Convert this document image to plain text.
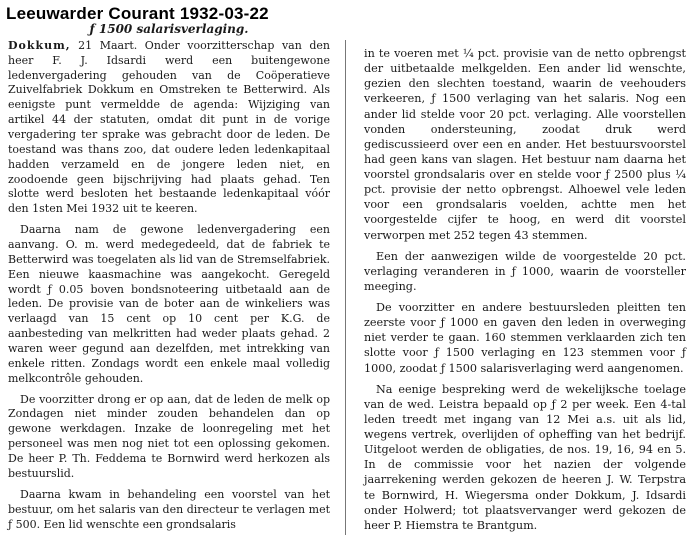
Leeuwarder Courant 1932-03-22

ƒ 1500 salarisverlaging.

Dokkum, 21 Maart. Onder voorzitterschap van den heer F. J. Idsardi werd een buitengewone ledenvergadering gehouden van de Coöperatieve Zuivelfabriek Dokkum en Omstreken te Betterwird. Als eenigste punt vermeldde de agenda: Wijziging van artikel 44 der statuten, omdat dit punt in de vorige vergadering ter sprake was gebracht door de leden. De toestand was thans zoo, dat oudere leden ledenkapitaal hadden verzameld en de jongere leden niet, en zoodoende geen bijschrijving had plaats gehad. Ten slotte werd besloten het bestaande ledenkapitaal vóór den 1sten Mei 1932 uit te keeren.

Daarna nam de gewone ledenvergadering een aanvang. O. m. werd medegedeeld, dat de fabriek te Betterwird was toegelaten als lid van de Stremselfabriek. Een nieuwe kaasmachine was aangekocht. Geregeld wordt ƒ 0.05 boven bondsnoteering uitbetaald aan de leden. De provisie van de boter aan de winkeliers was verlaagd van 15 cent op 10 cent per K.G. de aanbesteding van melkritten had weder plaats gehad. 2 waren weer gegund aan dezelfden, met intrekking van enkele ritten. Zondags wordt een enkele maal volledig melkcontrôle gehouden.

De voorzitter drong er op aan, dat de leden de melk op Zondagen niet minder zouden behandelen dan op gewone werkdagen. Inzake de loonregeling met het personeel was men nog niet tot een oplossing gekomen. De heer P. Th. Feddema te Bornwird werd herkozen als bestuurslid.

Daarna kwam in behandeling een voorstel van het bestuur, om het salaris van den directeur te verlagen met ƒ 500. Een lid wenschte een grondsalaris

in te voeren met ¼ pct. provisie van de netto opbrengst der uitbetaalde melkgelden. Een ander lid wenschte, gezien den slechten toestand, waarin de veehouders verkeeren, ƒ 1500 verlaging van het salaris. Nog een ander lid stelde voor 20 pct. verlaging. Alle voorstellen vonden ondersteuning, zoodat druk werd gediscussieerd over een en ander. Het bestuursvoorstel had geen kans van slagen. Het bestuur nam daarna het voorstel grondsalaris over en stelde voor ƒ 2500 plus ¼ pct. provisie der netto opbrengst. Alhoewel vele leden voor een grondsalaris voelden, achtte men het voorgestelde cijfer te hoog, en werd dit voorstel verworpen met 252 tegen 43 stemmen.

Een der aanwezigen wilde de voorgestelde 20 pct. verlaging veranderen in ƒ 1000, waarin de voorsteller meeging.

De voorzitter en andere bestuursleden pleitten ten zeerste voor ƒ 1000 en gaven den leden in overweging niet verder te gaan. 160 stemmen verklaarden zich ten slotte voor ƒ 1500 verlaging en 123 stemmen voor ƒ 1000, zoodat ƒ 1500 salarisverlaging werd aangenomen.

Na eenige bespreking werd de wekelijksche toelage van de wed. Leistra bepaald op ƒ 2 per week. Een 4-tal leden treedt met ingang van 12 Mei a.s. uit als lid, wegens vertrek, overlijden of opheffing van het bedrijf. Uitgeloot werden de obligaties, de nos. 19, 16, 94 en 5. In de commissie voor het nazien der volgende jaarrekening werden gekozen de heeren J. W. Terpstra te Bornwird, H. Wiegersma onder Dokkum, J. Idsardi onder Holwerd; tot plaatsvervanger werd gekozen de heer P. Hiemstra te Brantgum.
